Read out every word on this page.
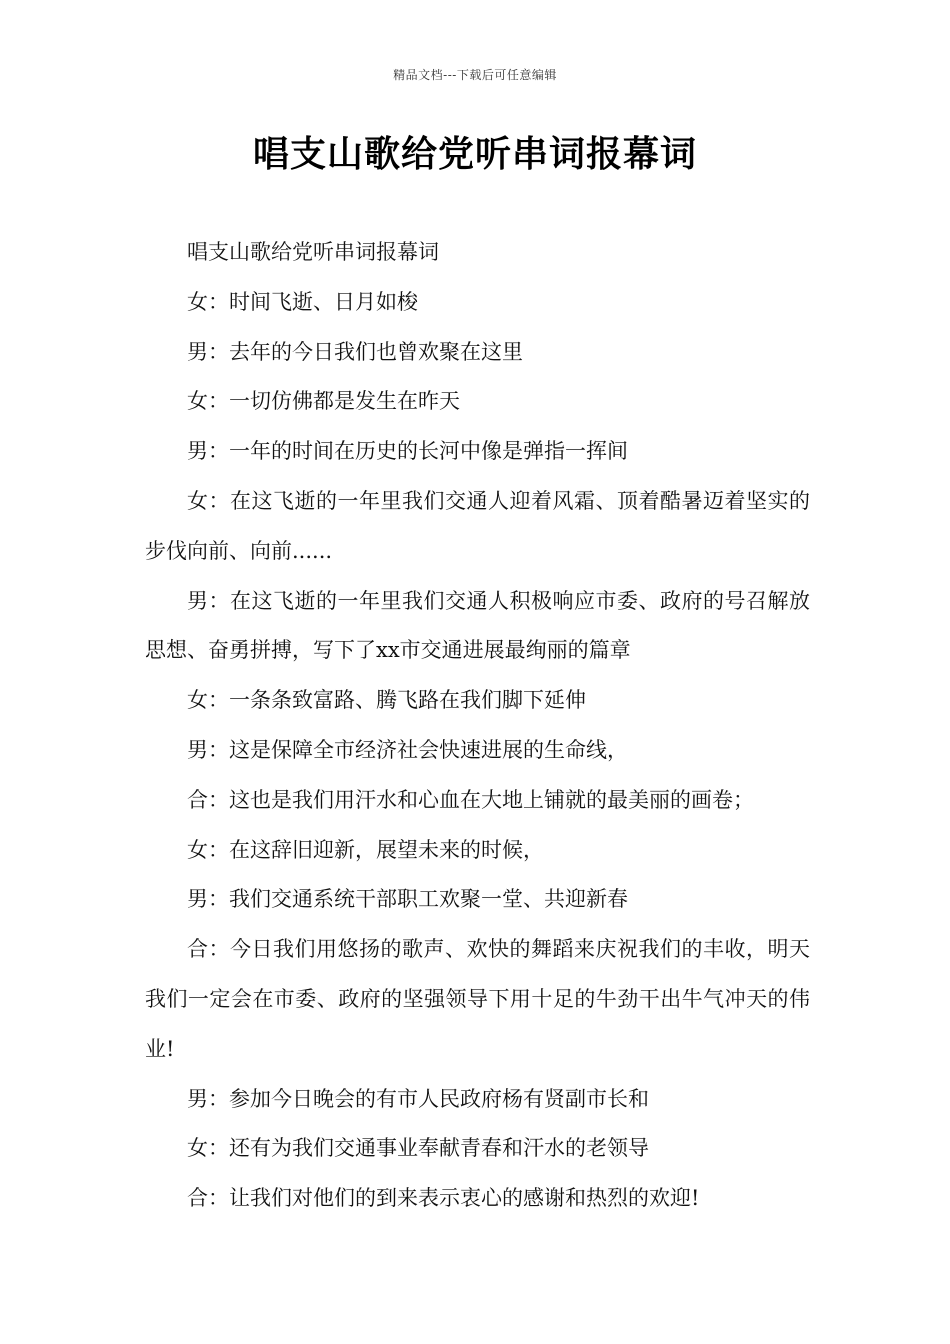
精品文档---下载后可任意编辑
唱支山歌给党听串词报幕词

唱支山歌给党听串词报幕词

女：时间飞逝、日月如梭

男：去年的今日我们也曾欢聚在这里

女：一切仿佛都是发生在昨天

男：一年的时间在历史的长河中像是弹指一挥间

女：在这飞逝的一年里我们交通人迎着风霜、顶着酷暑迈着坚实的步伐向前、向前......

男：在这飞逝的一年里我们交通人积极响应市委、政府的号召解放思想、奋勇拼搏，写下了xx市交通进展最绚丽的篇章

女：一条条致富路、腾飞路在我们脚下延伸

男：这是保障全市经济社会快速进展的生命线，

合：这也是我们用汗水和心血在大地上铺就的最美丽的画卷；

女：在这辞旧迎新，展望未来的时候，

男：我们交通系统干部职工欢聚一堂、共迎新春

合：今日我们用悠扬的歌声、欢快的舞蹈来庆祝我们的丰收，明天我们一定会在市委、政府的坚强领导下用十足的牛劲干出牛气冲天的伟业!

男：参加今日晚会的有市人民政府杨有贤副市长和

女：还有为我们交通事业奉献青春和汗水的老领导

合：让我们对他们的到来表示衷心的感谢和热烈的欢迎!
